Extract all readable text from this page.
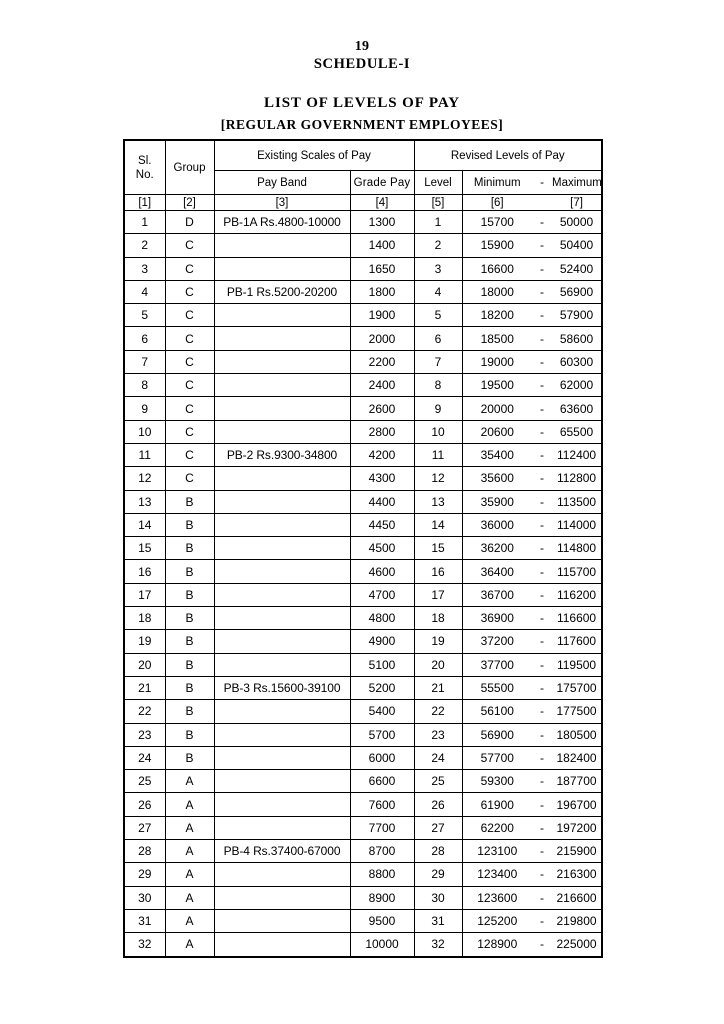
19
SCHEDULE-I
LIST OF LEVELS OF PAY
[REGULAR GOVERNMENT EMPLOYEES]
Sl.
No.	Group	Existing Scales of Pay		Revised Levels of Pay			
		Pay Band	Grade Pay	Level	Minimum	-	Maximum
[1]	[2]	[3]	[4]	[5]	[6]		[7]
1	D	PB-1A Rs.4800-10000	1300	1	15700	-	50000
2	C		1400	2	15900	-	50400
3	C		1650	3	16600	-	52400
4	C	PB-1 Rs.5200-20200	1800	4	18000	-	56900
5	C		1900	5	18200	-	57900
6	C		2000	6	18500	-	58600
7	C		2200	7	19000	-	60300
8	C		2400	8	19500	-	62000
9	C		2600	9	20000	-	63600
10	C		2800	10	20600	-	65500
11	C	PB-2 Rs.9300-34800	4200	11	35400	-	112400
12	C		4300	12	35600	-	112800
13	B		4400	13	35900	-	113500
14	B		4450	14	36000	-	114000
15	B		4500	15	36200	-	114800
16	B		4600	16	36400	-	115700
17	B		4700	17	36700	-	116200
18	B		4800	18	36900	-	116600
19	B		4900	19	37200	-	117600
20	B		5100	20	37700	-	119500
21	B	PB-3 Rs.15600-39100	5200	21	55500	-	175700
22	B		5400	22	56100	-	177500
23	B		5700	23	56900	-	180500
24	B		6000	24	57700	-	182400
25	A		6600	25	59300	-	187700
26	A		7600	26	61900	-	196700
27	A		7700	27	62200	-	197200
28	A	PB-4 Rs.37400-67000	8700	28	123100	-	215900
29	A		8800	29	123400	-	216300
30	A		8900	30	123600	-	216600
31	A		9500	31	125200	-	219800
32	A		10000	32	128900	-	225000
